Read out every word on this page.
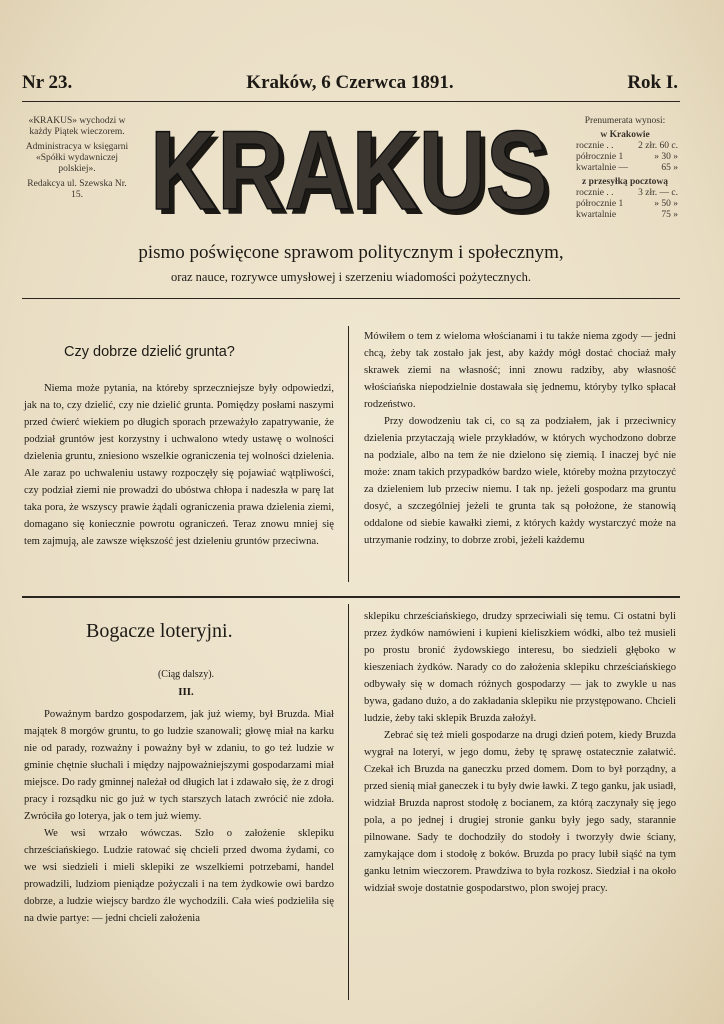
Nr 23.	Kraków, 6 Czerwca 1891.	Rok I.
«KRAKUS» wychodzi w każdy Piątek wieczorem.
Administracya w księgarni «Spółki wydawniczej polskiej».
Redakcya ul. Szewska Nr. 15. KRAKUS
KRAKUS	Prenumerata wynosi:
w Krakowie
rocznie . .	2 złr. 60 c.
półrocznie 1	» 30 »
kwartalnie —	65 »
z przesyłką pocztową
rocznie . .	3 złr. — c.
półrocznie 1	» 50 »
kwartalnie	75 »
pismo poświęcone sprawom politycznym i społecznym,
oraz nauce, rozrywce umysłowej i szerzeniu wiadomości pożytecznych.
Czy dobrze dzielić grunta?

Niema może pytania, na któreby sprzeczniejsze były odpowiedzi, jak na to, czy dzielić, czy nie dzielić grunta. Pomiędzy posłami naszymi przed ćwierć wiekiem po długich sporach przeważyło zapatrywanie, że podział gruntów jest korzystny i uchwalono wtedy ustawę o wolności dzielenia gruntu, zniesiono wszelkie ograniczenia tej wolności dzielenia. Ale zaraz po uchwaleniu ustawy rozpoczęły się pojawiać wątpliwości, czy podział ziemi nie prowadzi do ubóstwa chłopa i nadeszła w parę lat taka pora, że wszyscy prawie żądali ograniczenia prawa dzielenia ziemi, domagano się koniecznie powrotu ograniczeń. Teraz znowu mniej się tem zajmują, ale zawsze większość jest dzieleniu gruntów przeciwna.

Mówiłem o tem z wieloma włościanami i tu także niema zgody — jedni chcą, żeby tak zostało jak jest, aby każdy mógł dostać chociaż mały skrawek ziemi na własność; inni znowu radziby, aby własność włościańska niepodzielnie dostawała się jednemu, któryby tylko spłacał rodzeństwo.

Przy dowodzeniu tak ci, co są za podziałem, jak i przeciwnicy dzielenia przytaczają wiele przykładów, w których wychodzono dobrze na podziale, albo na tem źe nie dzielono się ziemią. I inaczej być nie może: znam takich przypadków bardzo wiele, któreby można przytoczyć za dzieleniem lub przeciw niemu. I tak np. jeżeli gospodarz ma gruntu dosyć, a szczególniej jeżeli te grunta tak są położone, że stanowią oddalone od siebie kawałki ziemi, z których każdy wystarczyć może na utrzymanie rodziny, to dobrze zrobi, jeżeli każdemu

Bogacze loteryjni.
(Ciąg dalszy).
III.

Poważnym bardzo gospodarzem, jak już wiemy, był Bruzda. Miał majątek 8 morgów gruntu, to go ludzie szanowali; głowę miał na karku nie od parady, rozważny i poważny był w zdaniu, to go też ludzie w gminie chętnie słuchali i między najpoważniejszymi gospodarzami miał miejsce. Do rady gminnej należał od długich lat i zdawało się, że z drogi pracy i rozsądku nic go już w tych starszych latach zwrócić nie zdoła. Zwróciła go loterya, jak o tem już wiemy.

We wsi wrzało wówczas. Szło o założenie sklepiku chrześciańskiego. Ludzie ratować się chcieli przed dwoma żydami, co we wsi siedzieli i mieli sklepiki ze wszelkiemi potrzebami, handel prowadzili, ludziom pieniądze pożyczali i na tem żydkowie owi bardzo dobrze, a ludzie wiejscy bardzo źle wychodzili. Cała wieś podzieliła się na dwie partye: — jedni chcieli założenia

sklepiku chrześciańskiego, drudzy sprzeciwiali się temu. Ci ostatni byli przez żydków namówieni i kupieni kieliszkiem wódki, albo też musieli po prostu bronić żydowskiego interesu, bo siedzieli głęboko w kieszeniach żydków. Narady co do założenia sklepiku chrześciańskiego odbywały się w domach różnych gospodarzy — jak to zwykle u nas bywa, gadano dużo, a do zakładania sklepiku nie przystępowano. Chcieli ludzie, żeby taki sklepik Bruzda założył.

Zebrać się też mieli gospodarze na drugi dzień potem, kiedy Bruzda wygrał na loteryi, w jego domu, żeby tę sprawę ostatecznie załatwić. Czekał ich Bruzda na ganeczku przed domem. Dom to był porządny, a przed sienią miał ganeczek i tu były dwie ławki. Z tego ganku, jak usiadł, widział Bruzda naprost stodołę z bocianem, za którą zaczynały się jego pola, a po jednej i drugiej stronie ganku były jego sady, starannie pilnowane. Sady te dochodziły do stodoły i tworzyły dwie ściany, zamykające dom i stodołę z boków. Bruzda po pracy lubił siąść na tym ganku letnim wieczorem. Prawdziwa to była rozkosz. Siedział i na około widział swoje dostatnie gospodarstwo, plon swojej pracy.
